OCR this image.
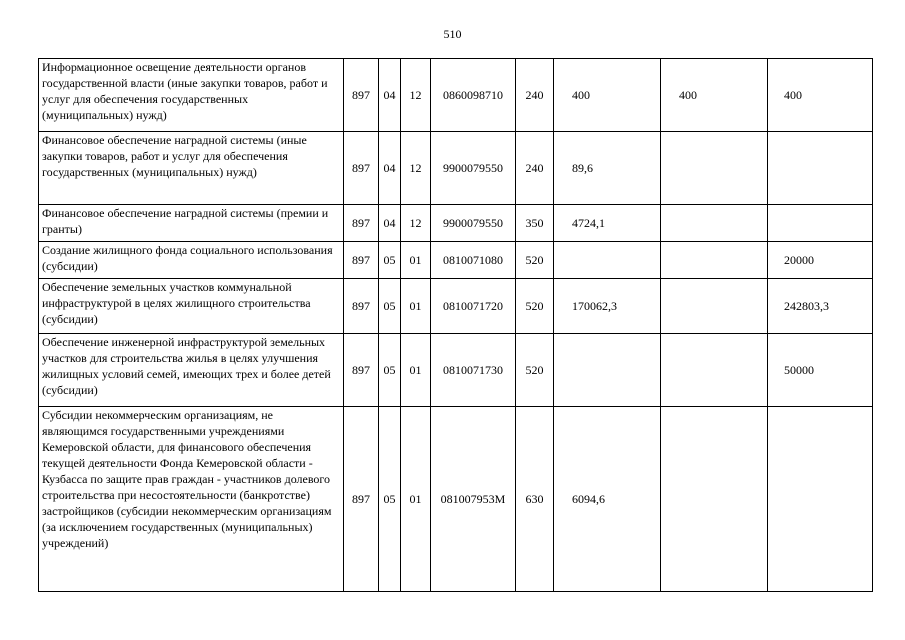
510
Информационное освещение деятельности органов государственной власти (иные закупки товаров, работ и услуг для обеспечения государственных (муниципальных) нужд)	897	04	12	0860098710	240	400	400	400
Финансовое обеспечение наградной системы (иные закупки товаров, работ и услуг для обеспечения государственных (муниципальных) нужд)	897	04	12	9900079550	240	89,6		
Финансовое обеспечение наградной системы (премии и гранты)	897	04	12	9900079550	350	4724,1		
Создание жилищного фонда социального использования (субсидии)	897	05	01	0810071080	520			20000
Обеспечение земельных участков коммунальной инфраструктурой в целях жилищного строительства (субсидии)	897	05	01	0810071720	520	170062,3		242803,3
Обеспечение инженерной инфраструктурой земельных участков для строительства жилья в целях улучшения жилищных условий семей, имеющих трех и более детей (субсидии)	897	05	01	0810071730	520			50000
Субсидии некоммерческим организациям, не являющимся государственными учреждениями Кемеровской области, для финансового обеспечения текущей деятельности Фонда Кемеровской области - Кузбасса по защите прав граждан - участников долевого строительства при несостоятельности (банкротстве) застройщиков (субсидии некоммерческим организациям (за исключением государственных (муниципальных) учреждений)	897	05	01	081007953М	630	6094,6		
